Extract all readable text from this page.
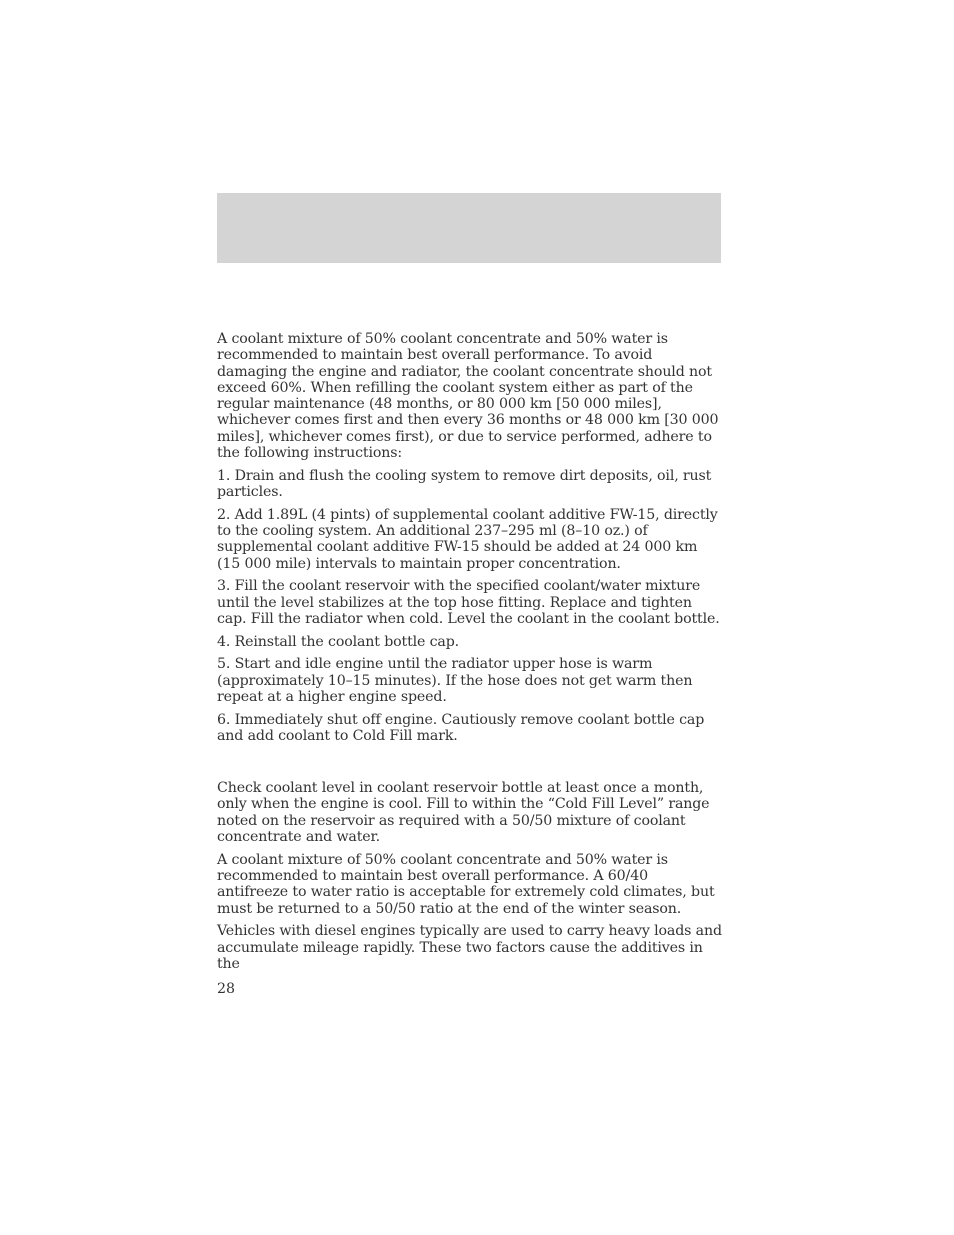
A coolant mixture of 50% coolant concentrate and 50% water is recommended to maintain best overall performance. To avoid damaging the engine and radiator, the coolant concentrate should not exceed 60%. When refilling the coolant system either as part of the regular maintenance (48 months, or 80 000 km [50 000 miles], whichever comes first and then every 36 months or 48 000 km [30 000 miles], whichever comes first), or due to service performed, adhere to the following instructions:

1. Drain and flush the cooling system to remove dirt deposits, oil, rust particles.

2. Add 1.89L (4 pints) of supplemental coolant additive FW-15, directly to the cooling system. An additional 237–295 ml (8–10 oz.) of supplemental coolant additive FW-15 should be added at 24 000 km (15 000 mile) intervals to maintain proper concentration.

3. Fill the coolant reservoir with the specified coolant/water mixture until the level stabilizes at the top hose fitting. Replace and tighten cap. Fill the radiator when cold. Level the coolant in the coolant bottle.

4. Reinstall the coolant bottle cap.

5. Start and idle engine until the radiator upper hose is warm (approximately 10–15 minutes). If the hose does not get warm then repeat at a higher engine speed.

6. Immediately shut off engine. Cautiously remove coolant bottle cap and add coolant to Cold Fill mark.

Check coolant level in coolant reservoir bottle at least once a month, only when the engine is cool. Fill to within the “Cold Fill Level” range noted on the reservoir as required with a 50/50 mixture of coolant concentrate and water.

A coolant mixture of 50% coolant concentrate and 50% water is recommended to maintain best overall performance. A 60/40 antifreeze to water ratio is acceptable for extremely cold climates, but must be returned to a 50/50 ratio at the end of the winter season.

Vehicles with diesel engines typically are used to carry heavy loads and accumulate mileage rapidly. These two factors cause the additives in the

28
